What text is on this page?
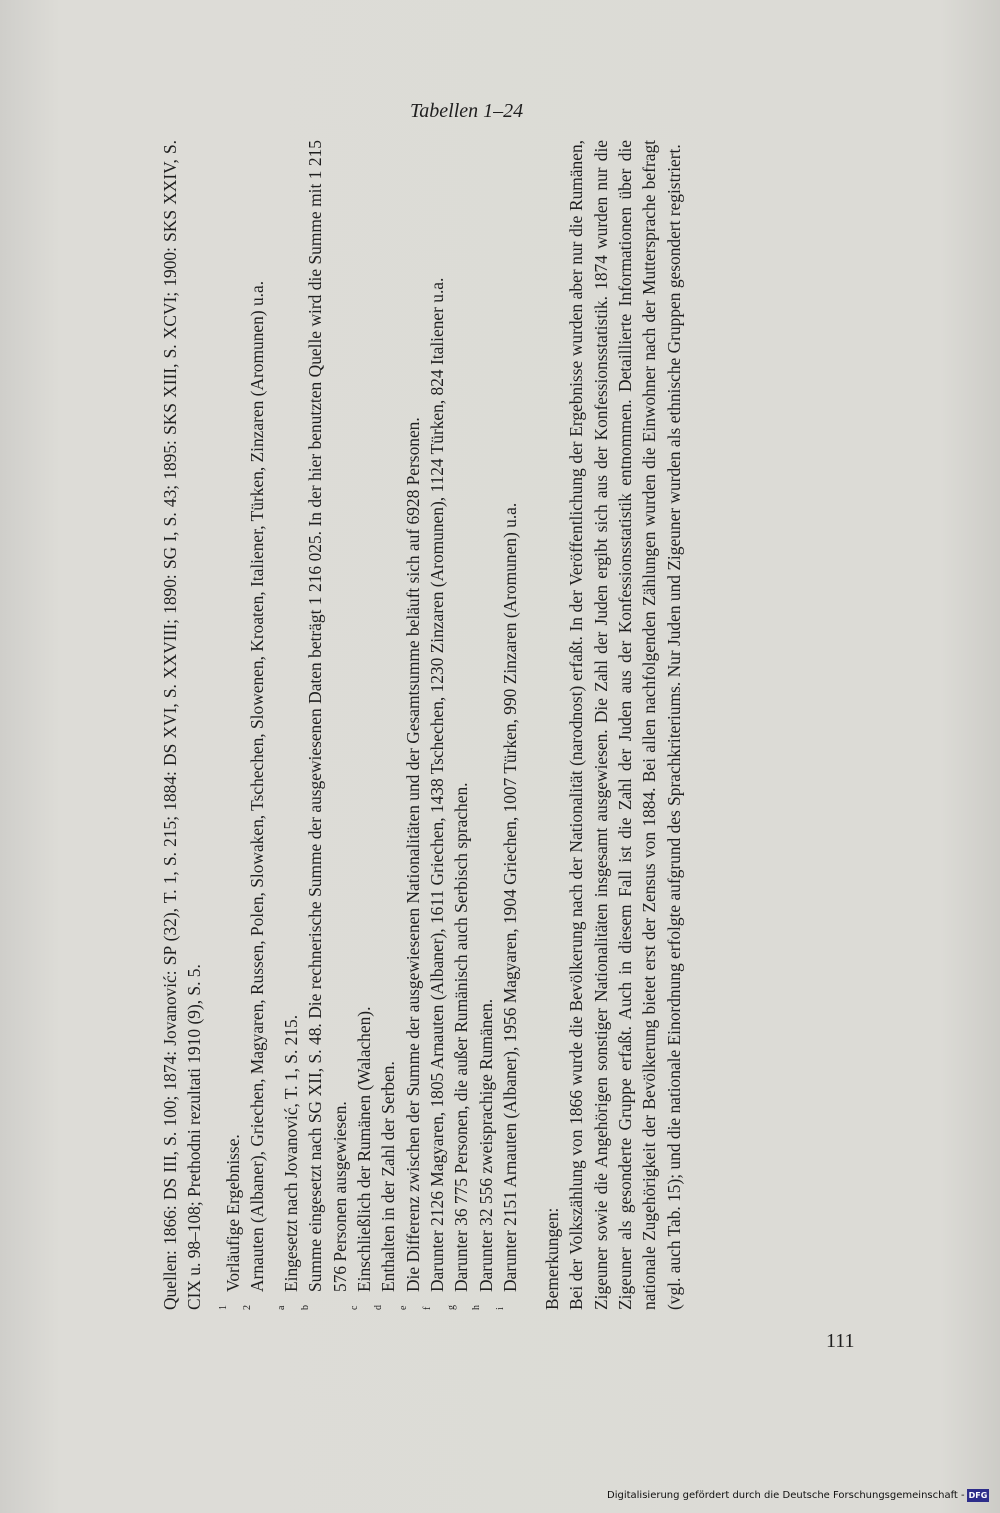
Tabellen 1–24

Quellen: 1866: DS III, S. 100; 1874: Jovanović: SP (32), T. 1, S. 215; 1884: DS XVI, S. XXVIII; 1890: SG I, S. 43; 1895: SKS XIII, S. XCVI; 1900: SKS XXIV, S. CIX u. 98–108; Prethodni rezultati 1910 (9), S. 5. 1
Vorläufige Ergebnisse.

2
Arnauten (Albaner), Griechen, Magyaren, Russen, Polen, Slowaken, Tschechen, Slowenen, Kroaten, Italiener, Türken, Zinzaren (Aromunen) u.a.

a
Eingesetzt nach Jovanović, T. 1, S. 215.

b
Summe eingesetzt nach SG XII, S. 48. Die rechnerische Summe der ausgewiesenen Daten beträgt 1 216 025. In der hier benutzten Quelle wird die Summe mit 1 215 576 Personen ausgewiesen.

c
Einschließlich der Rumänen (Walachen).

d
Enthalten in der Zahl der Serben.

e
Die Differenz zwischen der Summe der ausgewiesenen Nationalitäten und der Gesamtsumme beläuft sich auf 6928 Personen.

f
Darunter 2126 Magyaren, 1805 Arnauten (Albaner), 1611 Griechen, 1438 Tschechen, 1230 Zinzaren (Aromunen), 1124 Türken, 824 Italiener u.a.

g
Darunter 36 775 Personen, die außer Rumänisch auch Serbisch sprachen.

h
Darunter 32 556 zweisprachige Rumänen.

i
Darunter 2151 Arnauten (Albaner), 1956 Magyaren, 1904 Griechen, 1007 Türken, 990 Zinzaren (Aromunen) u.a. Bemerkungen: Bei der Volkszählung von 1866 wurde die Bevölkerung nach der Nationalität (narodnost) erfaßt. In der Veröffentlichung der Ergebnisse wurden aber nur die Rumänen, Zigeuner sowie die Angehörigen sonstiger Nationalitäten insgesamt ausgewiesen. Die Zahl der Juden ergibt sich aus der Konfessionsstatistik. 1874 wurden nur die Zigeuner als gesonderte Gruppe erfaßt. Auch in diesem Fall ist die Zahl der Juden aus der Konfessionsstatistik entnommen. Detaillierte Informationen über die nationale Zugehörigkeit der Bevölkerung bietet erst der Zensus von 1884. Bei allen nachfolgenden Zählungen wurden die Einwohner nach der Muttersprache befragt (vgl. auch Tab. 15); und die nationale Einordnung erfolgte aufgrund des Sprachkriteriums. Nur Juden und Zigeuner wurden als ethnische Gruppen gesondert registriert.

111
Digitalisierung gefördert durch die Deutsche Forschungsgemeinschaft - DFG
